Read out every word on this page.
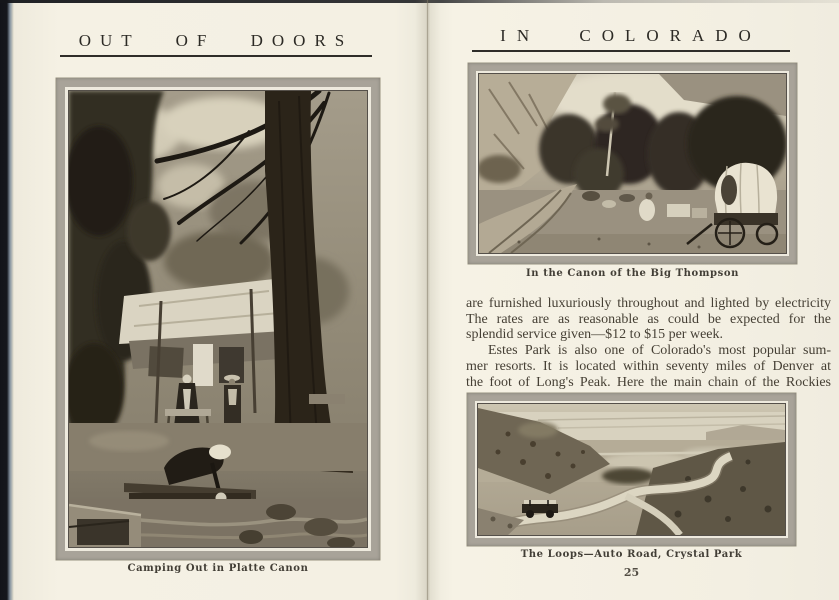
OUT OF DOORS
Camping Out in Platte Canon
IN COLORADO
In the Canon of the Big Thompson
are furnished luxuriously throughout and lighted by electricity
The rates are as reasonable as could be expected for the
splendid service given—$12 to $15 per week.
Estes Park is also one of Colorado's most popular sum-
mer resorts. It is located within seventy miles of Denver at
the foot of Long's Peak. Here the main chain of the Rockies
The Loops—Auto Road, Crystal Park
25
